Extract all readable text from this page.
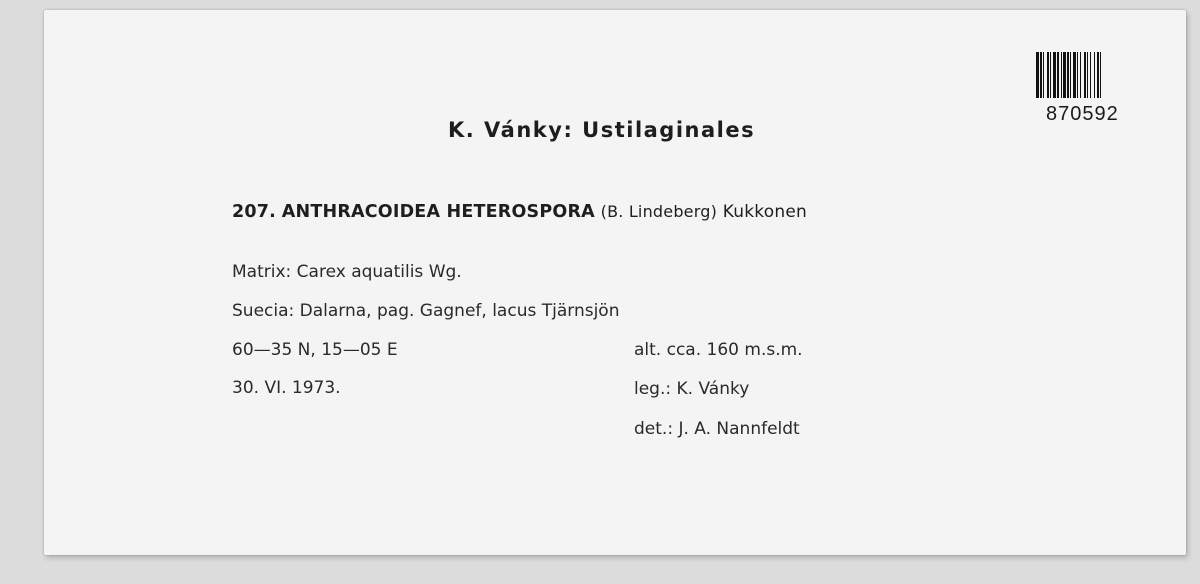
870592
K. Vánky: Ustilaginales
207. ANTHRACOIDEA HETEROSPORA (B. Lindeberg) Kukkonen
Matrix: Carex aquatilis Wg.
Suecia: Dalarna, pag. Gagnef, lacus Tjärnsjön
60—35 N, 15—05 E
30. VI. 1973.
alt. cca. 160 m.s.m.
leg.: K. Vánky
det.: J. A. Nannfeldt
